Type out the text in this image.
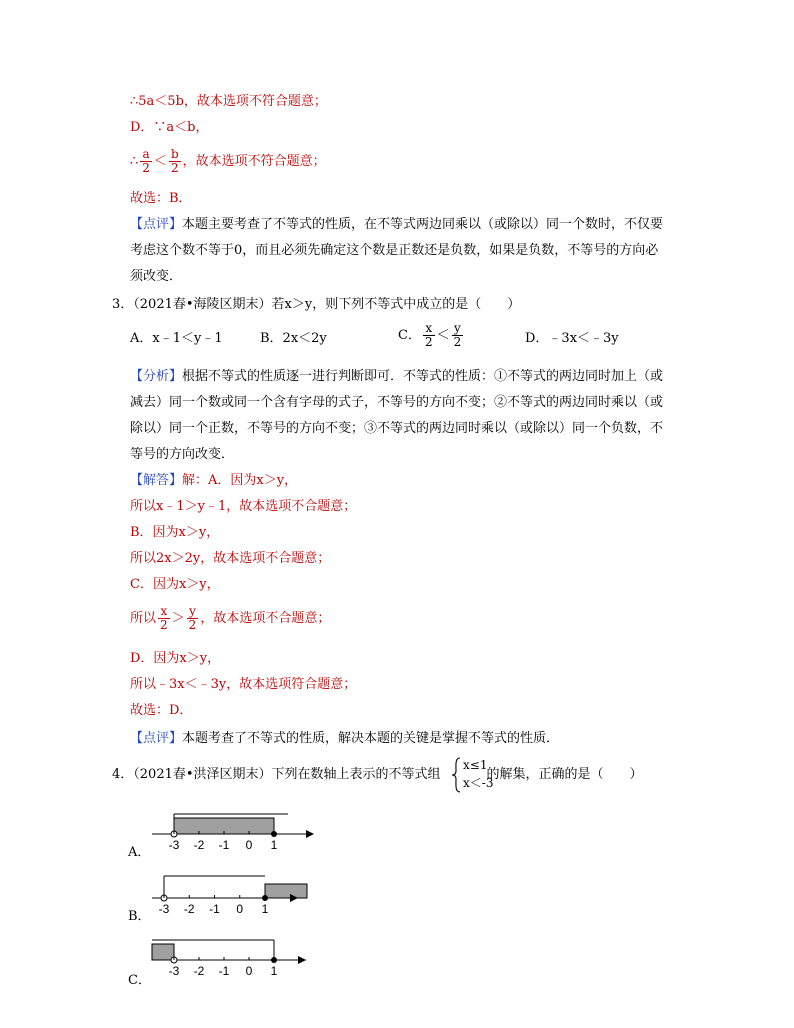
∴5a＜5b，故本选项不符合题意；
D．∵a＜b，
∴ $\frac{a}{2} < \frac{b}{2}$ ，故本选项不符合题意；
故选：B．
【点评】本题主要考查了不等式的性质，在不等式两边同乘以（或除以）同一个数时，不仅要
考虑这个数不等于0，而且必须先确定这个数是正数还是负数，如果是负数，不等号的方向必
须改变．
3．（2021春•海陵区期末）若x＞y，则下列不等式中成立的是（　　）
A．x﹣1＜y﹣1	B．2x＜2y	C． $\frac{x}{2} < \frac{y}{2}$	D．﹣3x＜﹣3y
【分析】根据不等式的性质逐一进行判断即可．不等式的性质：①不等式的两边同时加上（或
减去）同一个数或同一个含有字母的式子，不等号的方向不变；②不等式的两边同时乘以（或
除以）同一个正数，不等号的方向不变；③不等式的两边同时乘以（或除以）同一个负数，不
等号的方向改变．
【解答】解：A．因为x＞y，
所以x﹣1＞y﹣1，故本选项不合题意；
B．因为x＞y，
所以2x＞2y，故本选项不合题意；
C．因为x＞y，
所以 $\frac{x}{2} > \frac{y}{2}$ ，故本选项不合题意；
D．因为x＞y，
所以﹣3x＜﹣3y，故本选项符合题意；
故选：D．
【点评】本题考查了不等式的性质，解决本题的关键是掌握不等式的性质．
4．（2021春•洪泽区期末）下列在数轴上表示的不等式组	的解集，正确的是（　　）
x≤1
x＜-3
A． -3 -2 -1 0 1
B． -3 -2 -1 0 1
C．
-3 -2 -1 0 1
